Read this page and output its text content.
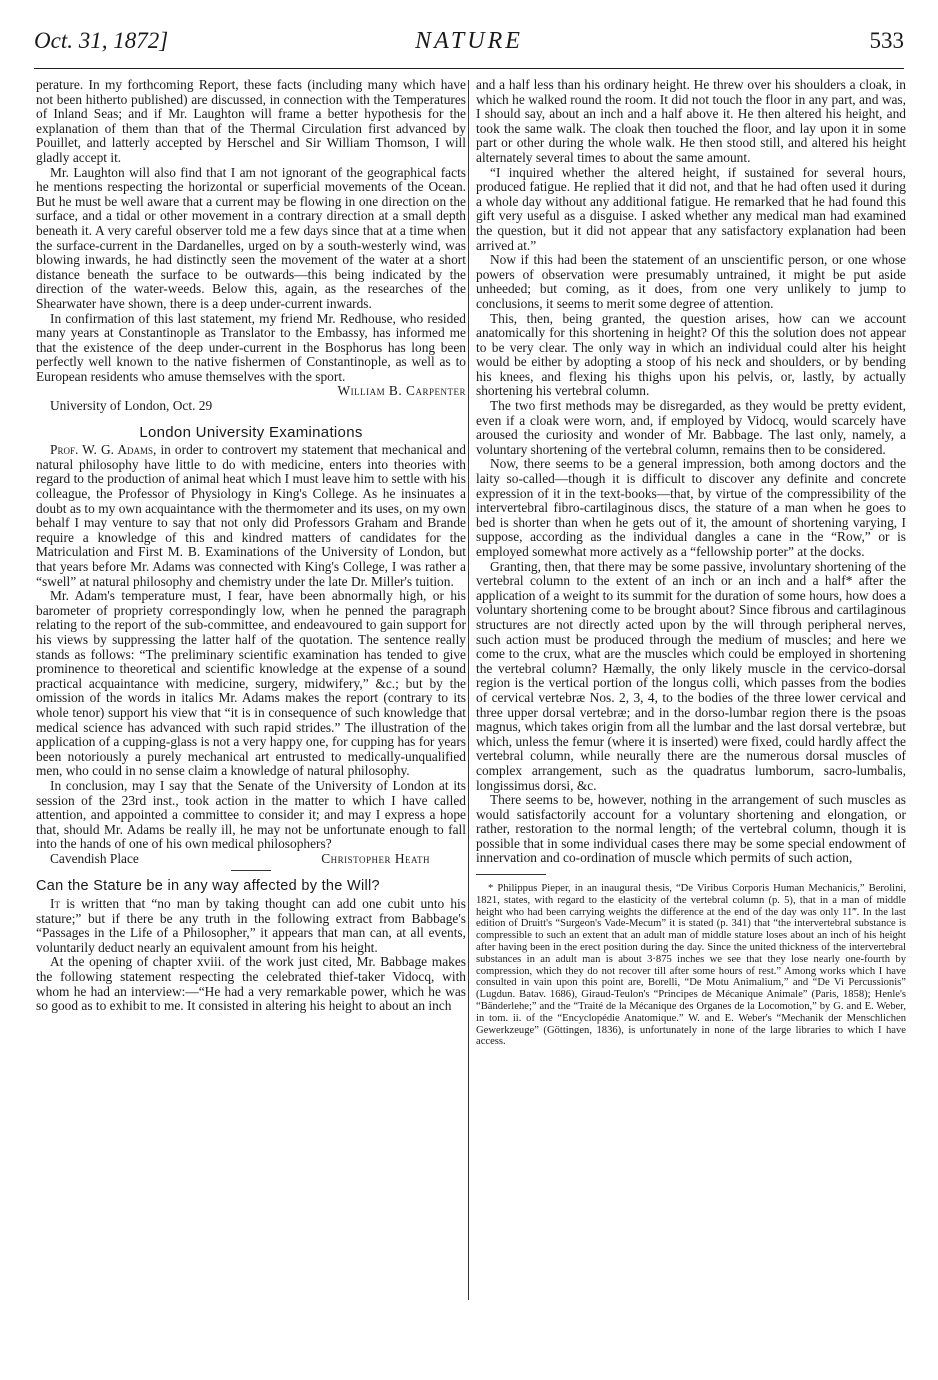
Oct. 31, 1872]	NATURE	533

perature. In my forthcoming Report, these facts (including many which have not been hitherto published) are discussed, in connection with the Temperatures of Inland Seas; and if Mr. Laughton will frame a better hypothesis for the explanation of them than that of the Thermal Circulation first advanced by Pouillet, and latterly accepted by Herschel and Sir William Thomson, I will gladly accept it.

Mr. Laughton will also find that I am not ignorant of the geographical facts he mentions respecting the horizontal or superficial movements of the Ocean. But he must be well aware that a current may be flowing in one direction on the surface, and a tidal or other movement in a contrary direction at a small depth beneath it. A very careful observer told me a few days since that at a time when the surface-current in the Dardanelles, urged on by a south-westerly wind, was blowing inwards, he had distinctly seen the movement of the water at a short distance beneath the surface to be outwards—this being indicated by the direction of the water-weeds. Below this, again, as the researches of the Shearwater have shown, there is a deep under-current inwards.

In confirmation of this last statement, my friend Mr. Redhouse, who resided many years at Constantinople as Translator to the Embassy, has informed me that the existence of the deep under-current in the Bosphorus has long been perfectly well known to the native fishermen of Constantinople, as well as to European residents who amuse themselves with the sport.

William B. Carpenter

University of London, Oct. 29

London University Examinations

Prof. W. G. Adams, in order to controvert my statement that mechanical and natural philosophy have little to do with medicine, enters into theories with regard to the production of animal heat which I must leave him to settle with his colleague, the Professor of Physiology in King's College. As he insinuates a doubt as to my own acquaintance with the thermometer and its uses, on my own behalf I may venture to say that not only did Professors Graham and Brande require a knowledge of this and kindred matters of candidates for the Matriculation and First M. B. Examinations of the University of London, but that years before Mr. Adams was connected with King's College, I was rather a “swell” at natural philosophy and chemistry under the late Dr. Miller's tuition.

Mr. Adam's temperature must, I fear, have been abnormally high, or his barometer of propriety correspondingly low, when he penned the paragraph relating to the report of the sub-committee, and endeavoured to gain support for his views by suppressing the latter half of the quotation. The sentence really stands as follows: “The preliminary scientific examination has tended to give prominence to theoretical and scientific knowledge at the expense of a sound practical acquaintance with medicine, surgery, midwifery,” &c.; but by the omission of the words in italics Mr. Adams makes the report (contrary to its whole tenor) support his view that “it is in consequence of such knowledge that medical science has advanced with such rapid strides.” The illustration of the application of a cupping-glass is not a very happy one, for cupping has for years been notoriously a purely mechanical art entrusted to medically-unqualified men, who could in no sense claim a knowledge of natural philosophy.

In conclusion, may I say that the Senate of the University of London at its session of the 23rd inst., took action in the matter to which I have called attention, and appointed a committee to consider it; and may I express a hope that, should Mr. Adams be really ill, he may not be unfortunate enough to fall into the hands of one of his own medical philosophers?

Cavendish Place	Christopher Heath
Can the Stature be in any way affected by the Will?

It is written that “no man by taking thought can add one cubit unto his stature;” but if there be any truth in the following extract from Babbage's “Passages in the Life of a Philosopher,” it appears that man can, at all events, voluntarily deduct nearly an equivalent amount from his height.

At the opening of chapter xviii. of the work just cited, Mr. Babbage makes the following statement respecting the celebrated thief-taker Vidocq, with whom he had an interview:—“He had a very remarkable power, which he was so good as to exhibit to me. It consisted in altering his height to about an inch

and a half less than his ordinary height. He threw over his shoulders a cloak, in which he walked round the room. It did not touch the floor in any part, and was, I should say, about an inch and a half above it. He then altered his height, and took the same walk. The cloak then touched the floor, and lay upon it in some part or other during the whole walk. He then stood still, and altered his height alternately several times to about the same amount.

“I inquired whether the altered height, if sustained for several hours, produced fatigue. He replied that it did not, and that he had often used it during a whole day without any additional fatigue. He remarked that he had found this gift very useful as a disguise. I asked whether any medical man had examined the question, but it did not appear that any satisfactory explanation had been arrived at.”

Now if this had been the statement of an unscientific person, or one whose powers of observation were presumably untrained, it might be put aside unheeded; but coming, as it does, from one very unlikely to jump to conclusions, it seems to merit some degree of attention.

This, then, being granted, the question arises, how can we account anatomically for this shortening in height? Of this the solution does not appear to be very clear. The only way in which an individual could alter his height would be either by adopting a stoop of his neck and shoulders, or by bending his knees, and flexing his thighs upon his pelvis, or, lastly, by actually shortening his vertebral column.

The two first methods may be disregarded, as they would be pretty evident, even if a cloak were worn, and, if employed by Vidocq, would scarcely have aroused the curiosity and wonder of Mr. Babbage. The last only, namely, a voluntary shortening of the vertebral column, remains then to be considered.

Now, there seems to be a general impression, both among doctors and the laity so-called—though it is difficult to discover any definite and concrete expression of it in the text-books—that, by virtue of the compressibility of the intervertebral fibro-cartilaginous discs, the stature of a man when he goes to bed is shorter than when he gets out of it, the amount of shortening varying, I suppose, according as the individual dangles a cane in the “Row,” or is employed somewhat more actively as a “fellowship porter” at the docks.

Granting, then, that there may be some passive, involuntary shortening of the vertebral column to the extent of an inch or an inch and a half* after the application of a weight to its summit for the duration of some hours, how does a voluntary shortening come to be brought about? Since fibrous and cartilaginous structures are not directly acted upon by the will through peripheral nerves, such action must be produced through the medium of muscles; and here we come to the crux, what are the muscles which could be employed in shortening the vertebral column? Hæmally, the only likely muscle in the cervico-dorsal region is the vertical portion of the longus colli, which passes from the bodies of cervical vertebræ Nos. 2, 3, 4, to the bodies of the three lower cervical and three upper dorsal vertebræ; and in the dorso-lumbar region there is the psoas magnus, which takes origin from all the lumbar and the last dorsal vertebræ, but which, unless the femur (where it is inserted) were fixed, could hardly affect the vertebral column, while neurally there are the numerous dorsal muscles of complex arrangement, such as the quadratus lumborum, sacro-lumbalis, longissimus dorsi, &c.

There seems to be, however, nothing in the arrangement of such muscles as would satisfactorily account for a voluntary shortening and elongation, or rather, restoration to the normal length; of the vertebral column, though it is possible that in some individual cases there may be some special endowment of innervation and co-ordination of muscle which permits of such action,

* Philippus Pieper, in an inaugural thesis, “De Viribus Corporis Human Mechanicis,” Berolini, 1821, states, with regard to the elasticity of the vertebral column (p. 5), that in a man of middle height who had been carrying weights the difference at the end of the day was only 11‴. In the last edition of Druitt's “Surgeon's Vade-Mecum” it is stated (p. 341) that “the intervertebral substance is compressible to such an extent that an adult man of middle stature loses about an inch of his height after having been in the erect position during the day. Since the united thickness of the intervertebral substances in an adult man is about 3·875 inches we see that they lose nearly one-fourth by compression, which they do not recover till after some hours of rest.” Among works which I have consulted in vain upon this point are, Borelli, “De Motu Animalium,” and “De Vi Percussionis” (Lugdun. Batav. 1686), Giraud-Teulon's “Principes de Mécanique Animale” (Paris, 1858); Henle's “Bänderlehe;” and the “Traité de la Mécanique des Organes de la Locomotion,” by G. and E. Weber, in tom. ii. of the “Encyclopédie Anatomique.” W. and E. Weber's “Mechanik der Menschlichen Gewerkzeuge” (Göttingen, 1836), is unfortunately in none of the large libraries to which I have access.
